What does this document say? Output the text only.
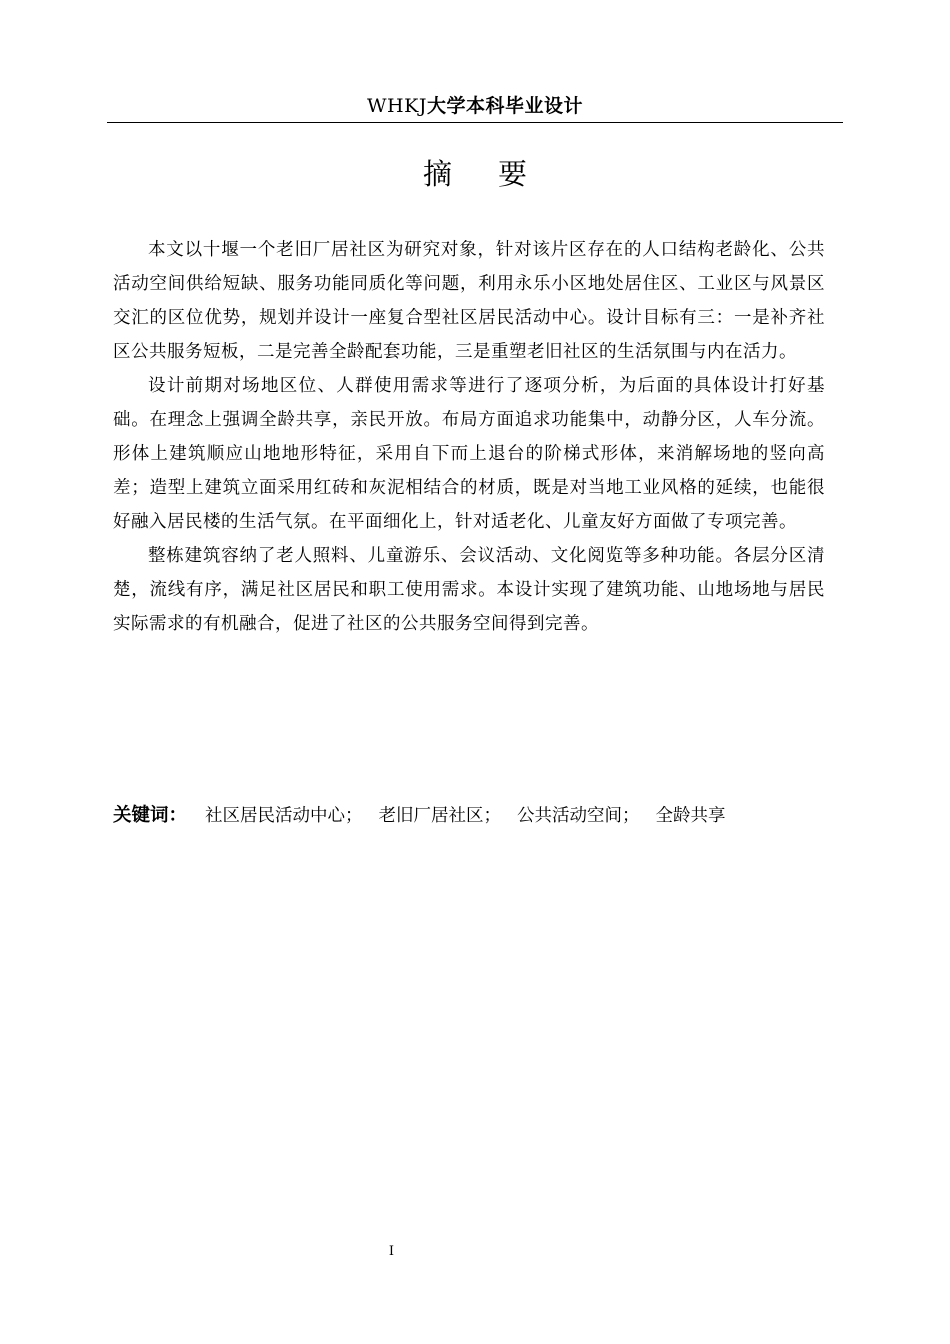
WHKJ大学本科毕业设计
摘要

本文以十堰一个老旧厂居社区为研究对象，针对该片区存在的人口结构老龄化、公共活动空间供给短缺、服务功能同质化等问题，利用永乐小区地处居住区、工业区与风景区交汇的区位优势，规划并设计一座复合型社区居民活动中心。设计目标有三：一是补齐社区公共服务短板，二是完善全龄配套功能，三是重塑老旧社区的生活氛围与内在活力。

设计前期对场地区位、人群使用需求等进行了逐项分析，为后面的具体设计打好基础。在理念上强调全龄共享，亲民开放。布局方面追求功能集中，动静分区，人车分流。形体上建筑顺应山地地形特征，采用自下而上退台的阶梯式形体，来消解场地的竖向高差；造型上建筑立面采用红砖和灰泥相结合的材质，既是对当地工业风格的延续，也能很好融入居民楼的生活气氛。在平面细化上，针对适老化、儿童友好方面做了专项完善。

整栋建筑容纳了老人照料、儿童游乐、会议活动、文化阅览等多种功能。各层分区清楚，流线有序，满足社区居民和职工使用需求。本设计实现了建筑功能、山地场地与居民实际需求的有机融合，促进了社区的公共服务空间得到完善。

关键词： 社区居民活动中心； 老旧厂居社区； 公共活动空间； 全龄共享
I
